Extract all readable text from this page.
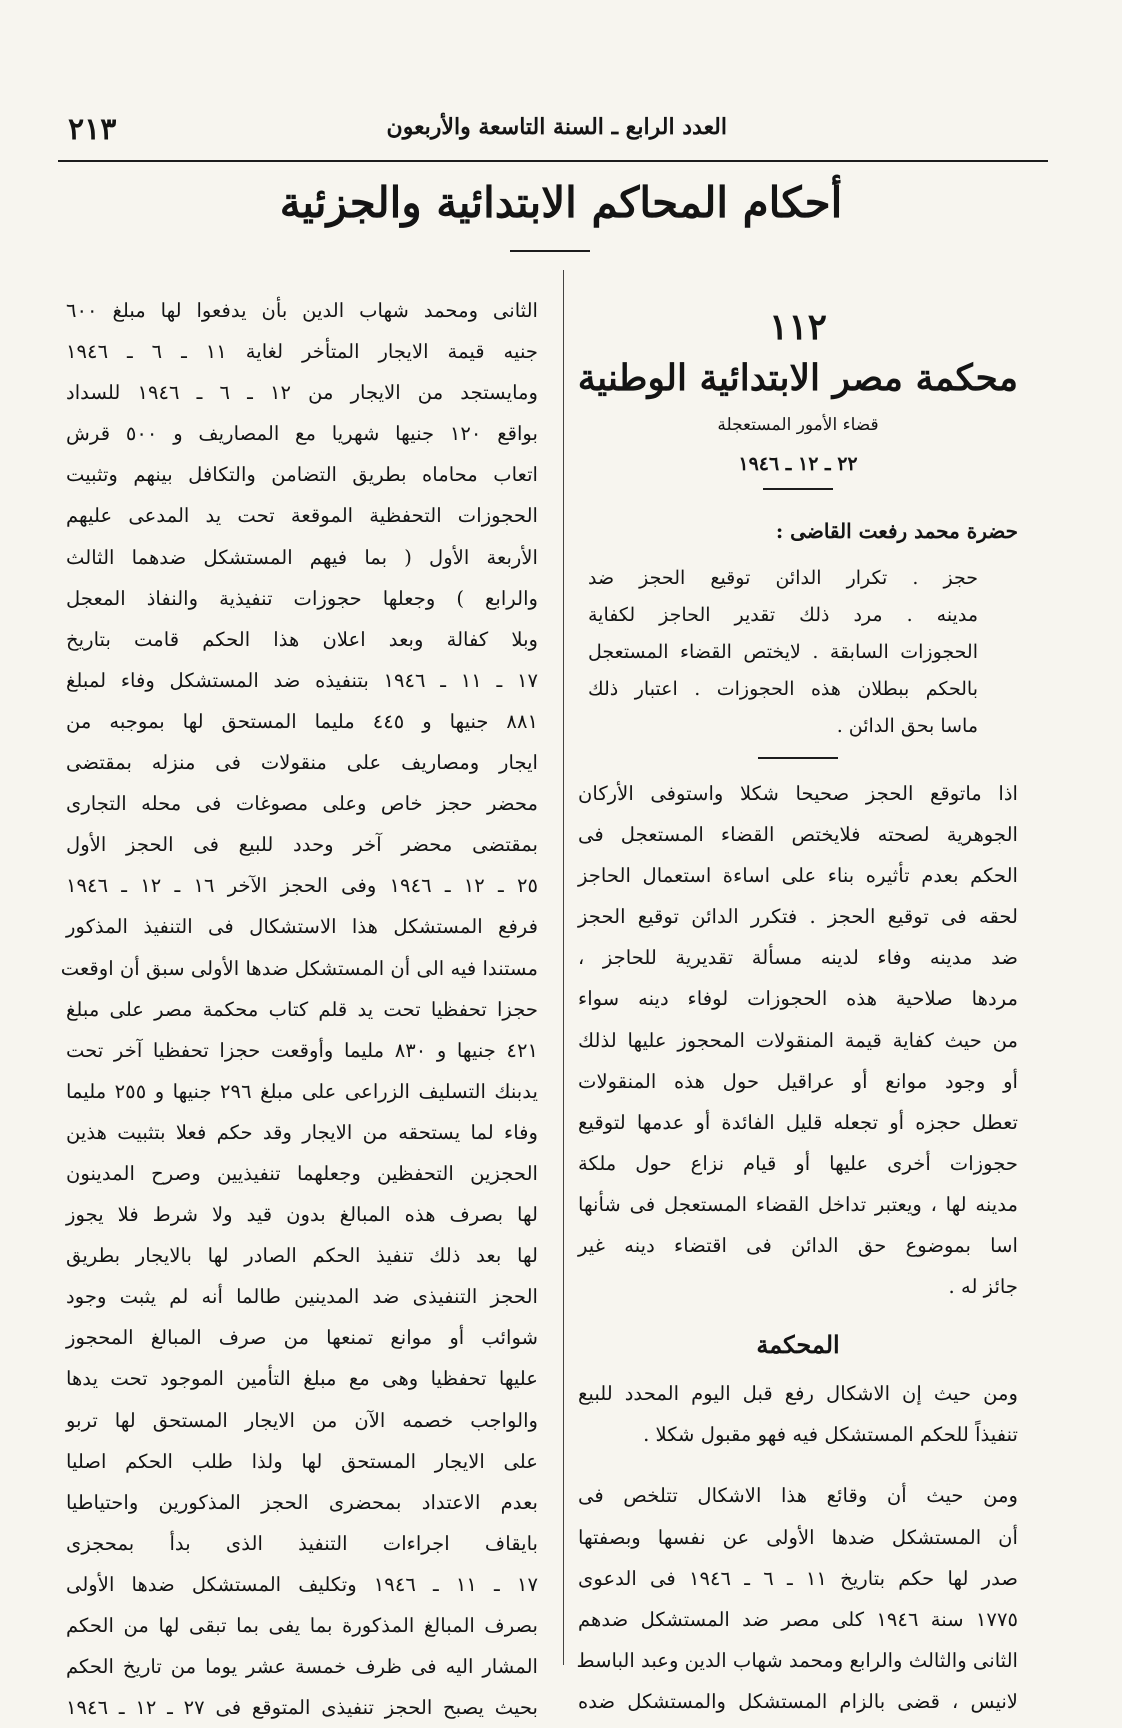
٢١٣	العدد الرابع ـ السنة التاسعة والأربعون
أحكام المحاكم الابتدائية والجزئية
١١٢
محكمة مصر الابتدائية الوطنية
قضاء الأمور المستعجلة
٢٢ ـ ١٢ ـ ١٩٤٦
حضرة محمد رفعت القاضى :
حجز . تكرار الدائن توقيع الحجز ضد
مدينه . مرد ذلك تقدير الحاجز لكفاية
الحجوزات السابقة . لايختص القضاء المستعجل
بالحكم ببطلان هذه الحجوزات . اعتبار ذلك
ماسا بحق الدائن .
اذا ماتوقع الحجز صحيحا شكلا واستوفى الأركان
الجوهرية لصحته فلايختص القضاء المستعجل فى
الحكم بعدم تأثيره بناء على اساءة استعمال الحاجز
لحقه فى توقيع الحجز . فتكرر الدائن توقيع الحجز
ضد مدينه وفاء لدينه مسألة تقديرية للحاجز ،
مردها صلاحية هذه الحجوزات لوفاء دينه سواء
من حيث كفاية قيمة المنقولات المحجوز عليها لذلك
أو وجود موانع أو عراقيل حول هذه المنقولات
تعطل حجزه أو تجعله قليل الفائدة أو عدمها لتوقيع
حجوزات أخرى عليها أو قيام نزاع حول ملكة
مدينه لها ، ويعتبر تداخل القضاء المستعجل فى شأنها
اسا بموضوع حق الدائن فى اقتضاء دينه غير
جائز له .
المحكمة
ومن حيث إن الاشكال رفع قبل اليوم المحدد للبيع
تنفيذاً للحكم المستشكل فيه فهو مقبول شكلا .
ومن حيث أن وقائع هذا الاشكال تتلخص فى
أن المستشكل ضدها الأولى عن نفسها وبصفتها
صدر لها حكم بتاريخ ١١ ـ ٦ ـ ١٩٤٦ فى الدعوى
١٧٧٥ سنة ١٩٤٦ كلى مصر ضد المستشكل ضدهم
الثانى والثالث والرابع ومحمد شهاب الدين وعبد الباسط
لانيس ، قضى بالزام المستشكل والمستشكل ضده
الثانى ومحمد شهاب الدين بأن يدفعوا لها مبلغ ٦٠٠
جنيه قيمة الايجار المتأخر لغاية ١١ ـ ٦ ـ ١٩٤٦
ومايستجد من الايجار من ١٢ ـ ٦ ـ ١٩٤٦ للسداد
بواقع ١٢٠ جنيها شهريا مع المصاريف و ٥٠٠ قرش
اتعاب محاماه بطريق التضامن والتكافل بينهم وتثبيت
الحجوزات التحفظية الموقعة تحت يد المدعى عليهم
الأربعة الأول ( بما فيهم المستشكل ضدهما الثالث
والرابع ) وجعلها حجوزات تنفيذية والنفاذ المعجل
وبلا كفالة وبعد اعلان هذا الحكم قامت بتاريخ
١٧ ـ ١١ ـ ١٩٤٦ بتنفيذه ضد المستشكل وفاء لمبلغ
٨٨١ جنيها و ٤٤٥ مليما المستحق لها بموجبه من
ايجار ومصاريف على منقولات فى منزله بمقتضى
محضر حجز خاص وعلى مصوغات فى محله التجارى
بمقتضى محضر آخر وحدد للبيع فى الحجز الأول
٢٥ ـ ١٢ ـ ١٩٤٦ وفى الحجز الآخر ١٦ ـ ١٢ ـ ١٩٤٦
فرفع المستشكل هذا الاستشكال فى التنفيذ المذكور
مستندا فيه الى أن المستشكل ضدها الأولى سبق أن اوقعت
حجزا تحفظيا تحت يد قلم كتاب محكمة مصر على مبلغ
٤٢١ جنيها و ٨٣٠ مليما وأوقعت حجزا تحفظيا آخر تحت
يدبنك التسليف الزراعى على مبلغ ٢٩٦ جنيها و ٢٥٥ مليما
وفاء لما يستحقه من الايجار وقد حكم فعلا بتثبيت هذين
الحجزين التحفظين وجعلهما تنفيذيين وصرح المدينون
لها بصرف هذه المبالغ بدون قيد ولا شرط فلا يجوز
لها بعد ذلك تنفيذ الحكم الصادر لها بالايجار بطريق
الحجز التنفيذى ضد المدينين طالما أنه لم يثبت وجود
شوائب أو موانع تمنعها من صرف المبالغ المحجوز
عليها تحفظيا وهى مع مبلغ التأمين الموجود تحت يدها
والواجب خصمه الآن من الايجار المستحق لها تربو
على الايجار المستحق لها ولذا طلب الحكم اصليا
بعدم الاعتداد بمحضرى الحجز المذكورين واحتياطيا
بايقاف اجراءات التنفيذ الذى بدأ بمحجزى
١٧ ـ ١١ ـ ١٩٤٦ وتكليف المستشكل ضدها الأولى
بصرف المبالغ المذكورة بما يفى بما تبقى لها من الحكم
المشار اليه فى ظرف خمسة عشر يوما من تاريخ الحكم
بحيث يصبح الحجز تنفيذى المتوقع فى ٢٧ ـ ١٢ ـ ١٩٤٦
